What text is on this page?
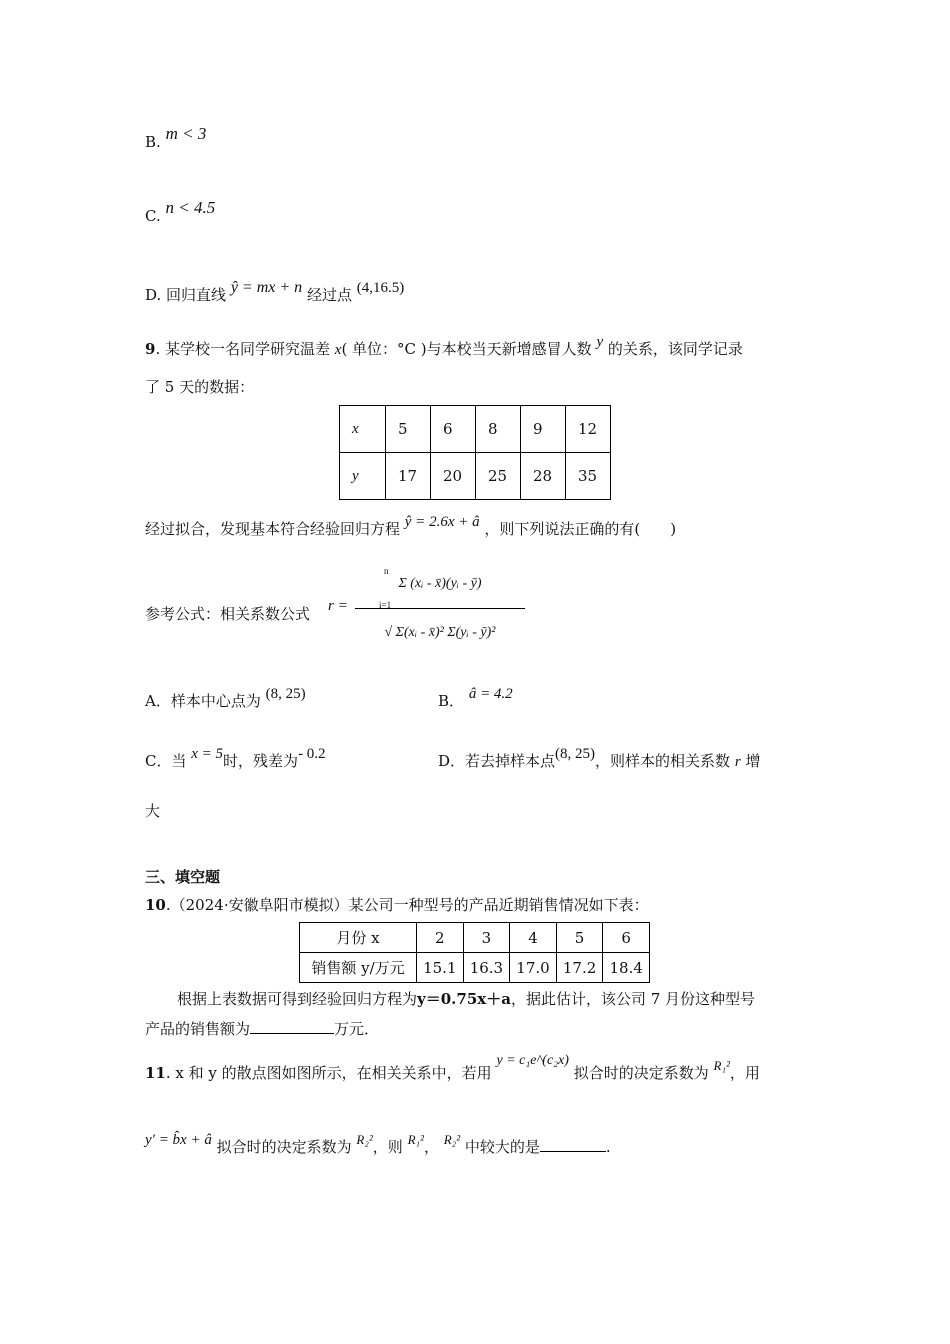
B. m < 3
C. n < 4.5
D. 回归直线 ŷ = mx + n 经过点 (4,16.5)
9. 某学校一名同学研究温差 x( 单位：°C )与本校当天新增感冒人数 y 的关系，该同学记录
了 5 天的数据：
x	5	6	8	9	12
y	17	20	25	28	35
经过拟合，发现基本符合经验回归方程 ŷ = 2.6x + â ，则下列说法正确的有(　　)
参考公式：相关系数公式 r =
Σ (xᵢ - x̄)(yᵢ - ȳ)
√ Σ(xᵢ - x̄)² Σ(yᵢ - ȳ)²
n
i=1
A．样本中心点为 (8, 25)	B． â = 4.2
C．当 x = 5时，残差为- 0.2	D．若去掉样本点(8, 25)，则样本的相关系数 r 增
大
三、填空题
10.（2024·安徽阜阳市模拟）某公司一种型号的产品近期销售情况如下表：
月份 x	2	3	4	5	6
销售额 y/万元	15.1	16.3	17.0	17.2	18.4
根据上表数据可得到经验回归方程为y＝0.75x＋a，据此估计，该公司 7 月份这种型号
产品的销售额为	万元．
11. x 和 y 的散点图如图所示，在相关关系中，若用 y = c₁e^(c₂x) 拟合时的决定系数为 R₁²，用
y′ = b̂x + â 拟合时的决定系数为 R₂²，则 R₁²， R₂² 中较大的是	.
